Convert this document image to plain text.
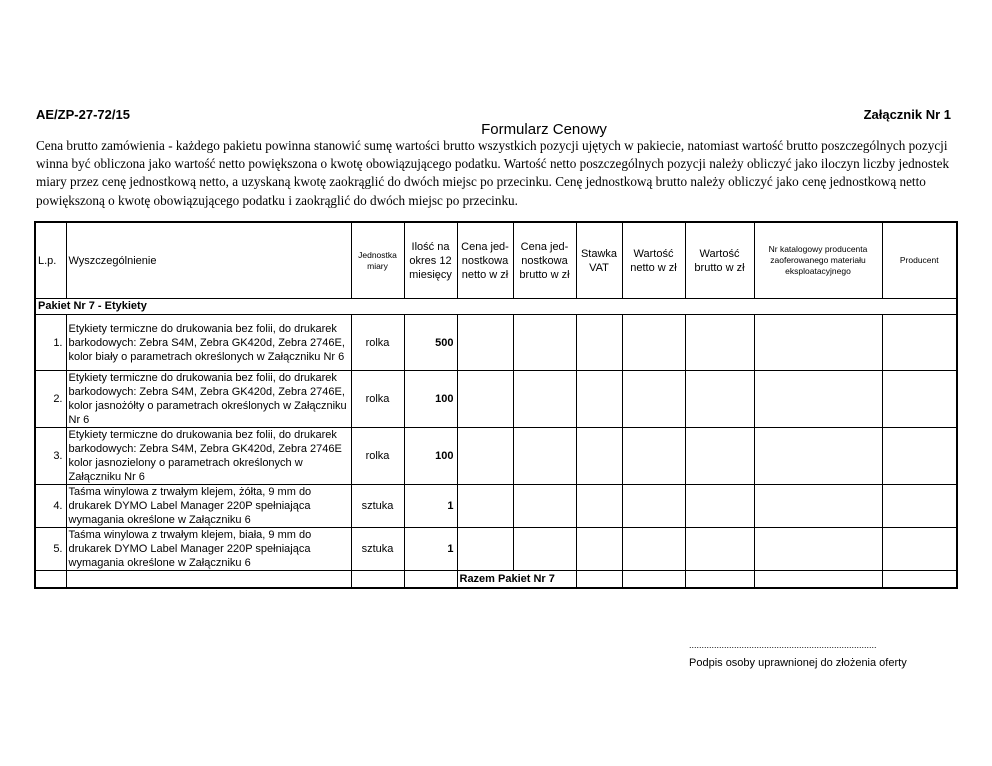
AE/ZP-27-72/15	Załącznik Nr 1
Formularz Cenowy
Cena brutto zamówienia - każdego pakietu powinna stanowić sumę wartości brutto wszystkich pozycji ujętych w pakiecie, natomiast wartość brutto poszczególnych pozycji winna być obliczona jako wartość netto powiększona o kwotę obowiązującego podatku. Wartość netto poszczególnych pozycji należy obliczyć jako iloczyn liczby jednostek miary przez cenę jednostkową netto, a uzyskaną kwotę zaokrąglić do dwóch miejsc po przecinku. Cenę jednostkową brutto należy obliczyć jako cenę jednostkową netto powiększoną o kwotę obowiązującego podatku i zaokrąglić do dwóch miejsc po przecinku.
L.p.	Wyszczególnienie	Jednostka miary	Ilość na okres 12 miesięcy	Cena jed-nostkowa netto w zł	Cena jed-nostkowa brutto w zł	Stawka VAT	Wartość netto w zł	Wartość brutto w zł	Nr katalogowy producenta zaoferowanego materiału eksploatacyjnego	Producent
Pakiet Nr 7 - Etykiety										
1.	Etykiety termiczne do drukowania bez folii, do drukarek barkodowych: Zebra S4M, Zebra GK420d, Zebra 2746E, kolor biały o parametrach określonych w Załączniku Nr 6	rolka	500							
2.	Etykiety termiczne do drukowania bez folii, do drukarek barkodowych: Zebra S4M, Zebra GK420d, Zebra 2746E, kolor jasnożółty o parametrach określonych w Załączniku Nr 6	rolka	100							
3.	Etykiety termiczne do drukowania bez folii, do drukarek barkodowych: Zebra S4M, Zebra GK420d, Zebra 2746E kolor jasnozielony o parametrach określonych w Załączniku Nr 6	rolka	100							
4.	Taśma winylowa z trwałym klejem, żółta, 9 mm do drukarek DYMO Label Manager 220P spełniająca wymagania określone w Załączniku 6	sztuka	1							
5.	Taśma winylowa z trwałym klejem, biała, 9 mm do drukarek DYMO Label Manager 220P spełniająca wymagania określone w Załączniku 6	sztuka	1							
				Razem Pakiet Nr 7						
...........................................................................
Podpis osoby uprawnionej do złożenia oferty
